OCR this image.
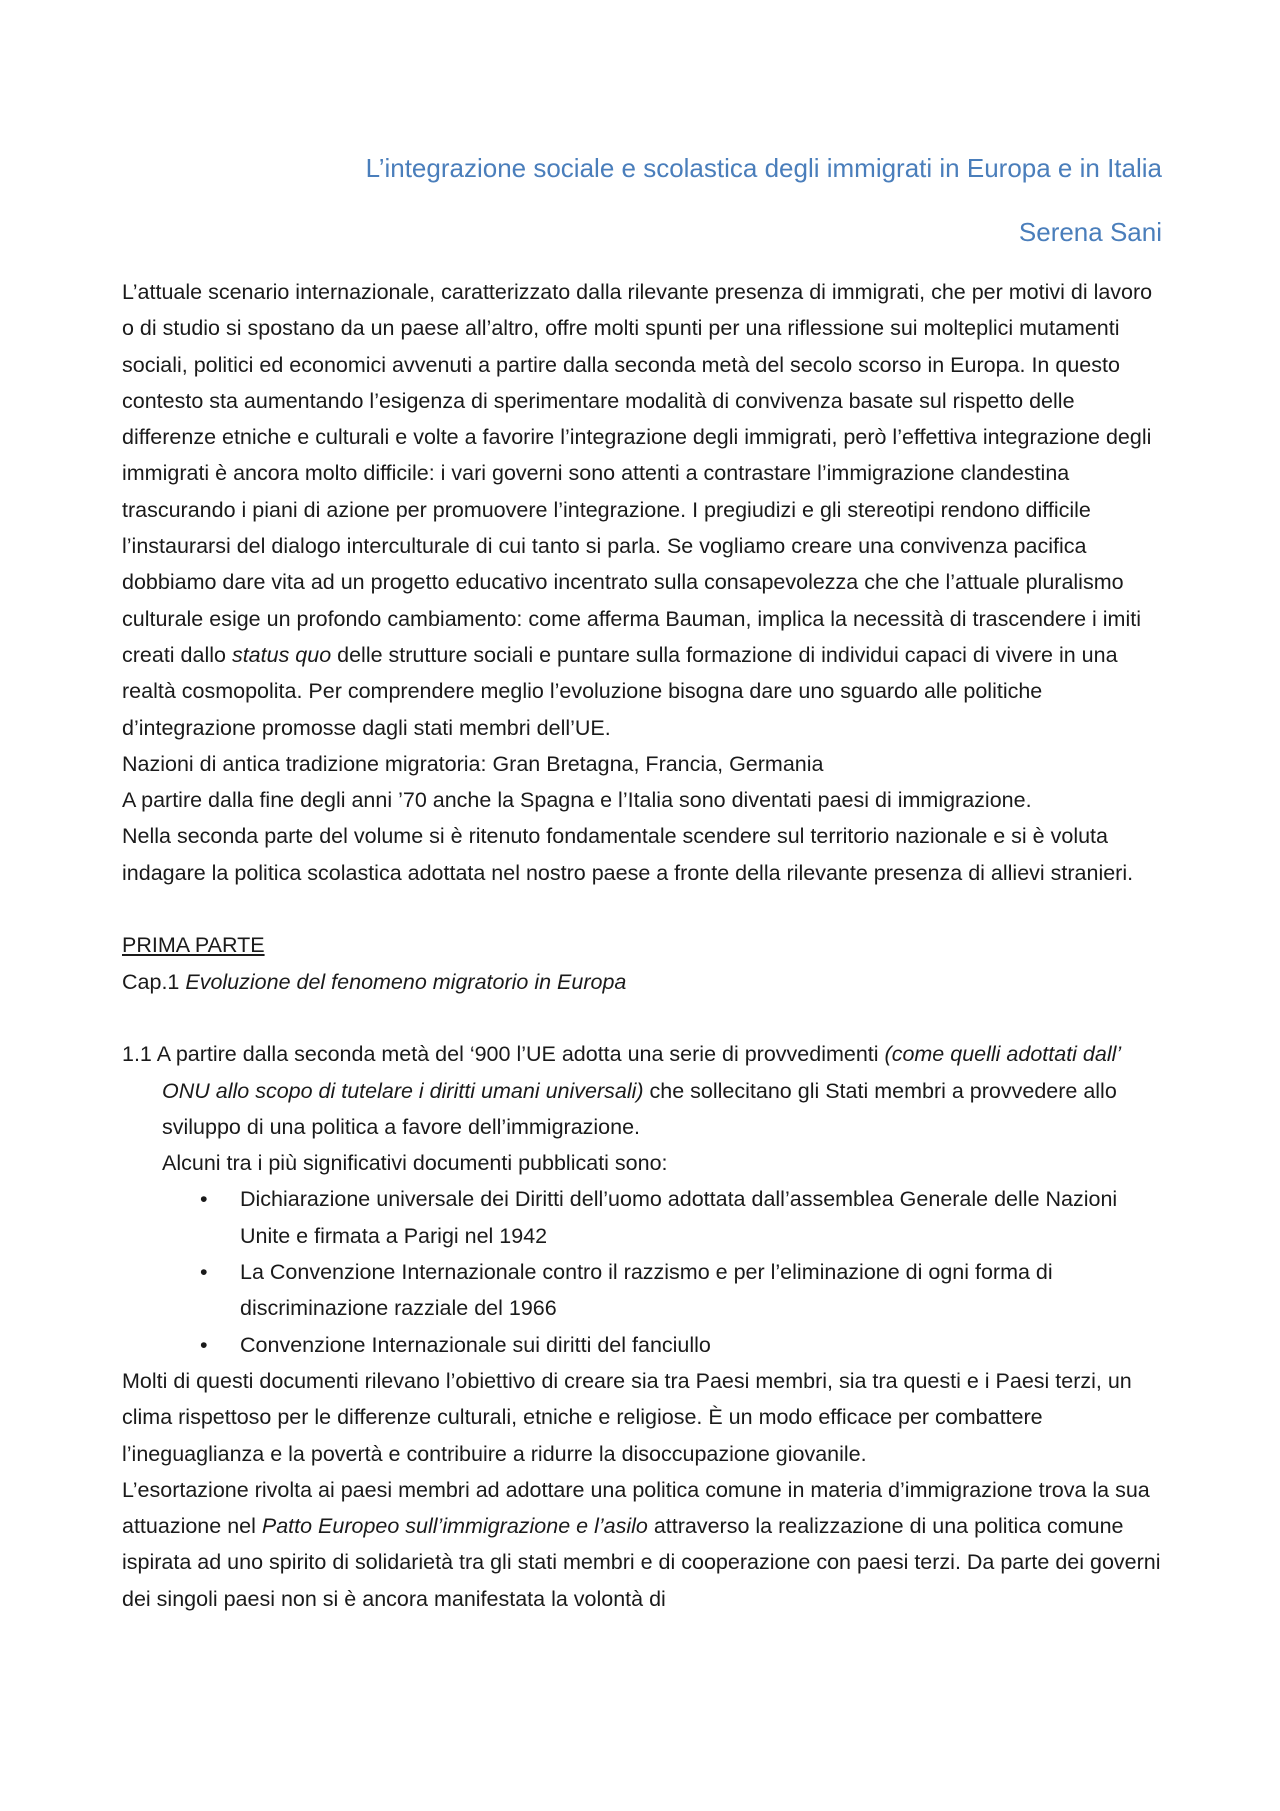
L’integrazione sociale e scolastica degli immigrati in Europa e in Italia
Serena Sani

L’attuale scenario internazionale, caratterizzato dalla rilevante presenza di immigrati, che per motivi di lavoro o di studio si spostano da un paese all’altro, offre molti spunti per una riflessione sui molteplici mutamenti sociali, politici ed economici avvenuti a partire dalla seconda metà del secolo scorso in Europa. In questo contesto sta aumentando l’esigenza di sperimentare modalità di convivenza basate sul rispetto delle differenze etniche e culturali e volte a favorire l’integrazione degli immigrati, però l’effettiva integrazione degli immigrati è ancora molto difficile: i vari governi sono attenti a contrastare l’immigrazione clandestina trascurando i piani di azione per promuovere l’integrazione. I pregiudizi e gli stereotipi rendono difficile l’instaurarsi del dialogo interculturale di cui tanto si parla. Se vogliamo creare una convivenza pacifica dobbiamo dare vita ad un progetto educativo incentrato sulla consapevolezza che che l’attuale pluralismo culturale esige un profondo cambiamento: come afferma Bauman, implica la necessità di trascendere i imiti creati dallo status quo delle strutture sociali e puntare sulla formazione di individui capaci di vivere in una realtà cosmopolita. Per comprendere meglio l’evoluzione bisogna dare uno sguardo alle politiche d’integrazione promosse dagli stati membri dell’UE.

Nazioni di antica tradizione migratoria: Gran Bretagna, Francia, Germania

A partire dalla fine degli anni ’70 anche la Spagna e l’Italia sono diventati paesi di immigrazione.

Nella seconda parte del volume si è ritenuto fondamentale scendere sul territorio nazionale e si è voluta indagare la politica scolastica adottata nel nostro paese a fronte della rilevante presenza di allievi stranieri.

PRIMA PARTE

Cap.1 Evoluzione del fenomeno migratorio in Europa

1.1 A partire dalla seconda metà del ‘900 l’UE adotta una serie di provvedimenti (come quelli adottati dall’ ONU allo scopo di tutelare i diritti umani universali) che sollecitano gli Stati membri a provvedere allo sviluppo di una politica a favore dell’immigrazione.

Alcuni tra i più significativi documenti pubblicati sono:

• Dichiarazione universale dei Diritti dell’uomo adottata dall’assemblea Generale delle Nazioni Unite e firmata a Parigi nel 1942
• La Convenzione Internazionale contro il razzismo e per l’eliminazione di ogni forma di discriminazione razziale del 1966
• Convenzione Internazionale sui diritti del fanciullo

Molti di questi documenti rilevano l’obiettivo di creare sia tra Paesi membri, sia tra questi e i Paesi terzi, un clima rispettoso per le differenze culturali, etniche e religiose. È un modo efficace per combattere l’ineguaglianza e la povertà e contribuire a ridurre la disoccupazione giovanile.

L’esortazione rivolta ai paesi membri ad adottare una politica comune in materia d’immigrazione trova la sua attuazione nel Patto Europeo sull’immigrazione e l’asilo attraverso la realizzazione di una politica comune ispirata ad uno spirito di solidarietà tra gli stati membri e di cooperazione con paesi terzi. Da parte dei governi dei singoli paesi non si è ancora manifestata la volontà di
